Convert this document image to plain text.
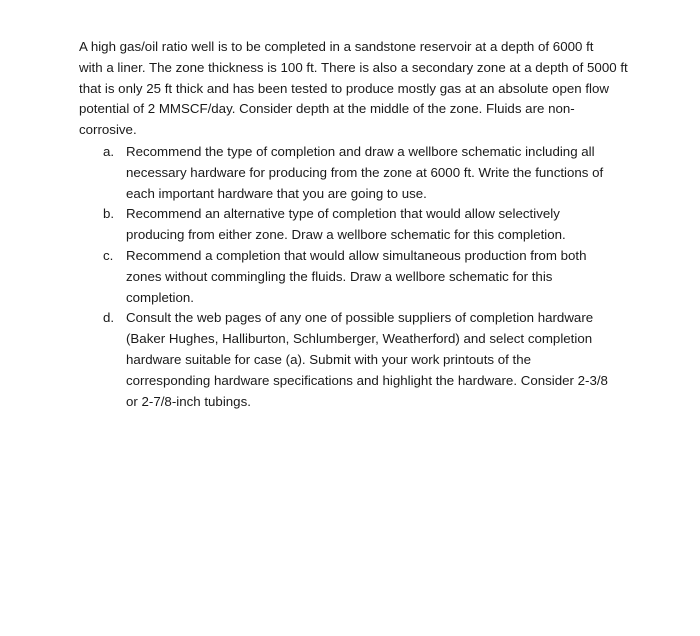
A high gas/oil ratio well is to be completed in a sandstone reservoir at a depth of 6000 ft
with a liner. The zone thickness is 100 ft. There is also a secondary zone at a depth of 5000 ft
that is only 25 ft thick and has been tested to produce mostly gas at an absolute open flow
potential of 2 MMSCF/day. Consider depth at the middle of the zone. Fluids are non-
corrosive.

a. Recommend the type of completion and draw a wellbore schematic including all
necessary hardware for producing from the zone at 6000 ft. Write the functions of
each important hardware that you are going to use.
b. Recommend an alternative type of completion that would allow selectively
producing from either zone. Draw a wellbore schematic for this completion.
c. Recommend a completion that would allow simultaneous production from both
zones without commingling the fluids. Draw a wellbore schematic for this
completion.
d. Consult the web pages of any one of possible suppliers of completion hardware
(Baker Hughes, Halliburton, Schlumberger, Weatherford) and select completion
hardware suitable for case (a). Submit with your work printouts of the
corresponding hardware specifications and highlight the hardware. Consider 2-3/8
or 2-7/8-inch tubings.
